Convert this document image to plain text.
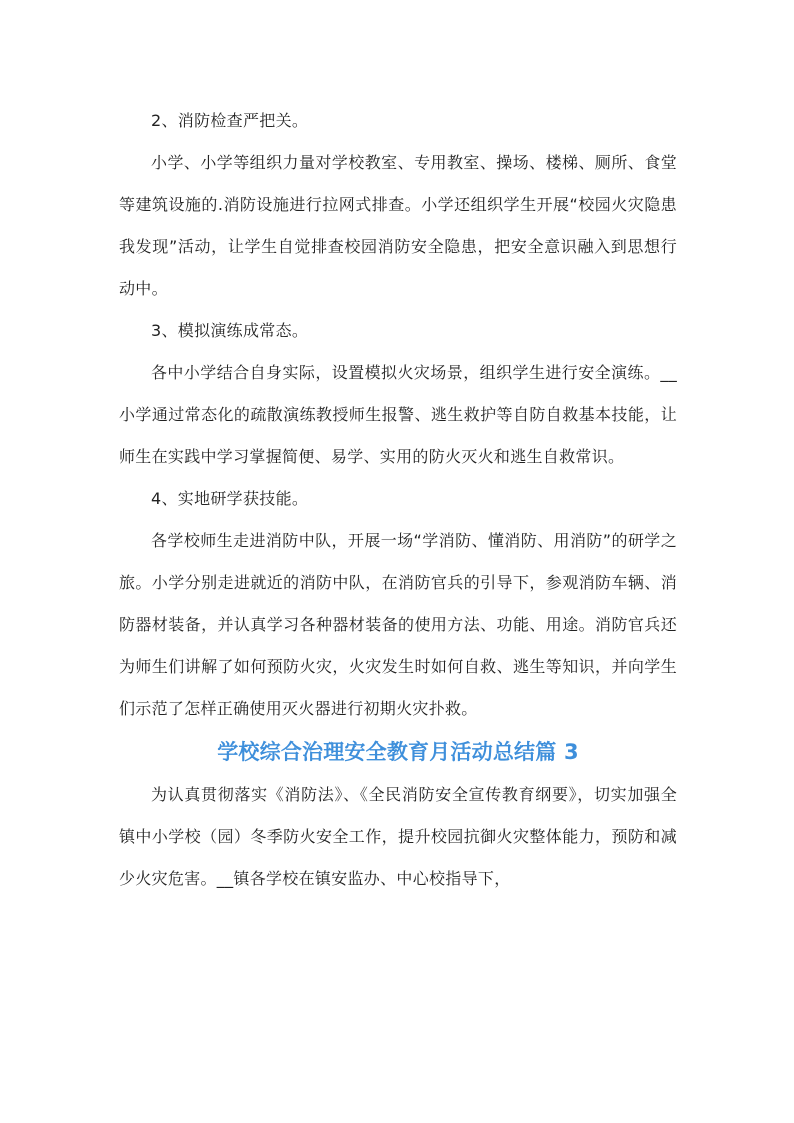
2、消防检查严把关。

小学、小学等组织力量对学校教室、专用教室、操场、楼梯、厕所、食堂等建筑设施的.消防设施进行拉网式排查。小学还组织学生开展“校园火灾隐患我发现”活动，让学生自觉排查校园消防安全隐患，把安全意识融入到思想行动中。

3、模拟演练成常态。

各中小学结合自身实际，设置模拟火灾场景，组织学生进行安全演练。__小学通过常态化的疏散演练教授师生报警、逃生救护等自防自救基本技能，让师生在实践中学习掌握简便、易学、实用的防火灭火和逃生自救常识。

4、实地研学获技能。

各学校师生走进消防中队，开展一场“学消防、懂消防、用消防”的研学之旅。小学分别走进就近的消防中队，在消防官兵的引导下，参观消防车辆、消防器材装备，并认真学习各种器材装备的使用方法、功能、用途。消防官兵还为师生们讲解了如何预防火灾，火灾发生时如何自救、逃生等知识，并向学生们示范了怎样正确使用灭火器进行初期火灾扑救。

学校综合治理安全教育月活动总结篇 3

为认真贯彻落实《消防法》、《全民消防安全宣传教育纲要》，切实加强全镇中小学校（园）冬季防火安全工作，提升校园抗御火灾整体能力，预防和减少火灾危害。__镇各学校在镇安监办、中心校指导下，
